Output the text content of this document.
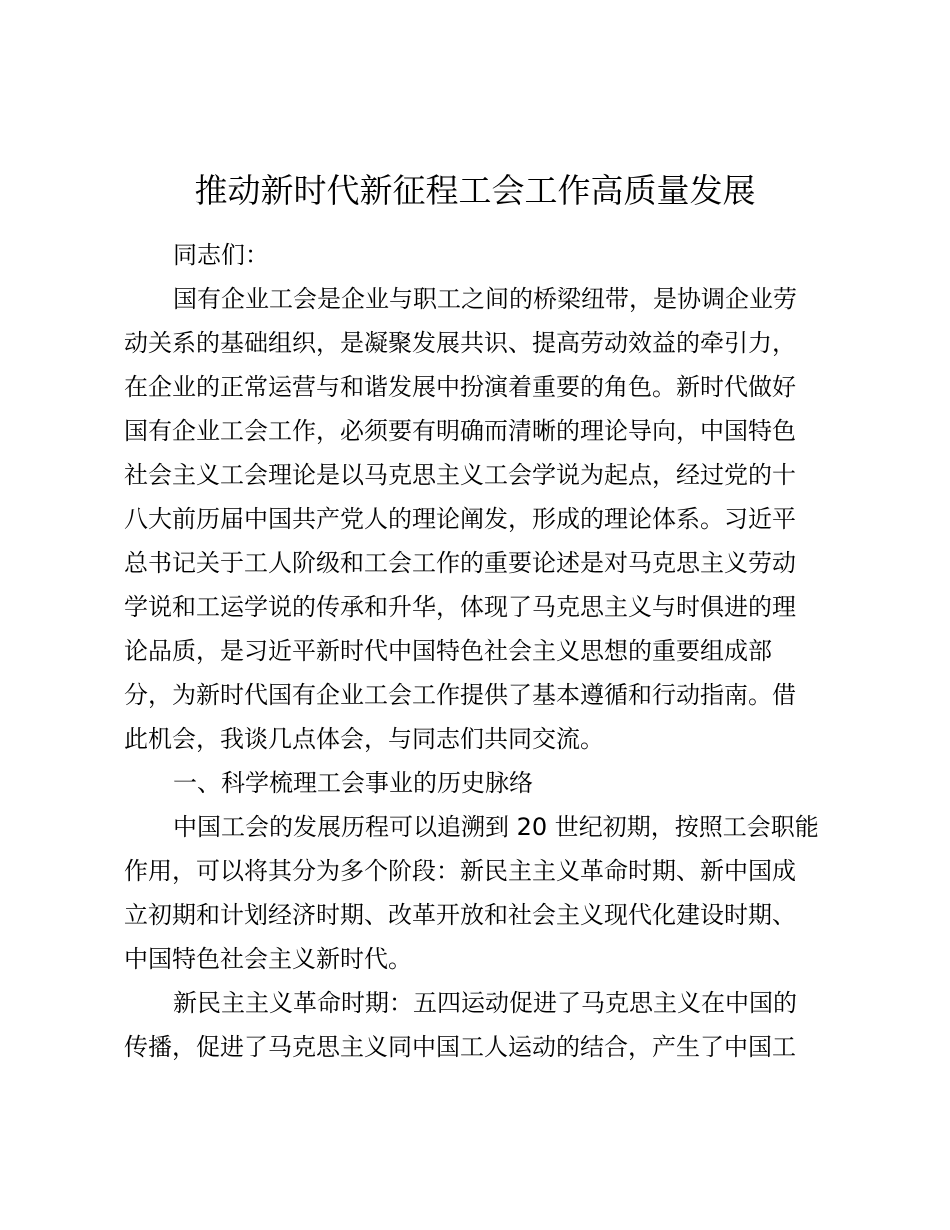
推动新时代新征程工会工作高质量发展
同志们：
国有企业工会是企业与职工之间的桥梁纽带，是协调企业劳
动关系的基础组织，是凝聚发展共识、提高劳动效益的牵引力，
在企业的正常运营与和谐发展中扮演着重要的角色。新时代做好
国有企业工会工作，必须要有明确而清晰的理论导向，中国特色
社会主义工会理论是以马克思主义工会学说为起点，经过党的十
八大前历届中国共产党人的理论阐发，形成的理论体系。习近平
总书记关于工人阶级和工会工作的重要论述是对马克思主义劳动
学说和工运学说的传承和升华，体现了马克思主义与时俱进的理
论品质，是习近平新时代中国特色社会主义思想的重要组成部
分，为新时代国有企业工会工作提供了基本遵循和行动指南。借
此机会，我谈几点体会，与同志们共同交流。
一、科学梳理工会事业的历史脉络
中国工会的发展历程可以追溯到 20 世纪初期，按照工会职能
作用，可以将其分为多个阶段：新民主主义革命时期、新中国成
立初期和计划经济时期、改革开放和社会主义现代化建设时期、
中国特色社会主义新时代。
新民主主义革命时期：五四运动促进了马克思主义在中国的
传播，促进了马克思主义同中国工人运动的结合，产生了中国工
